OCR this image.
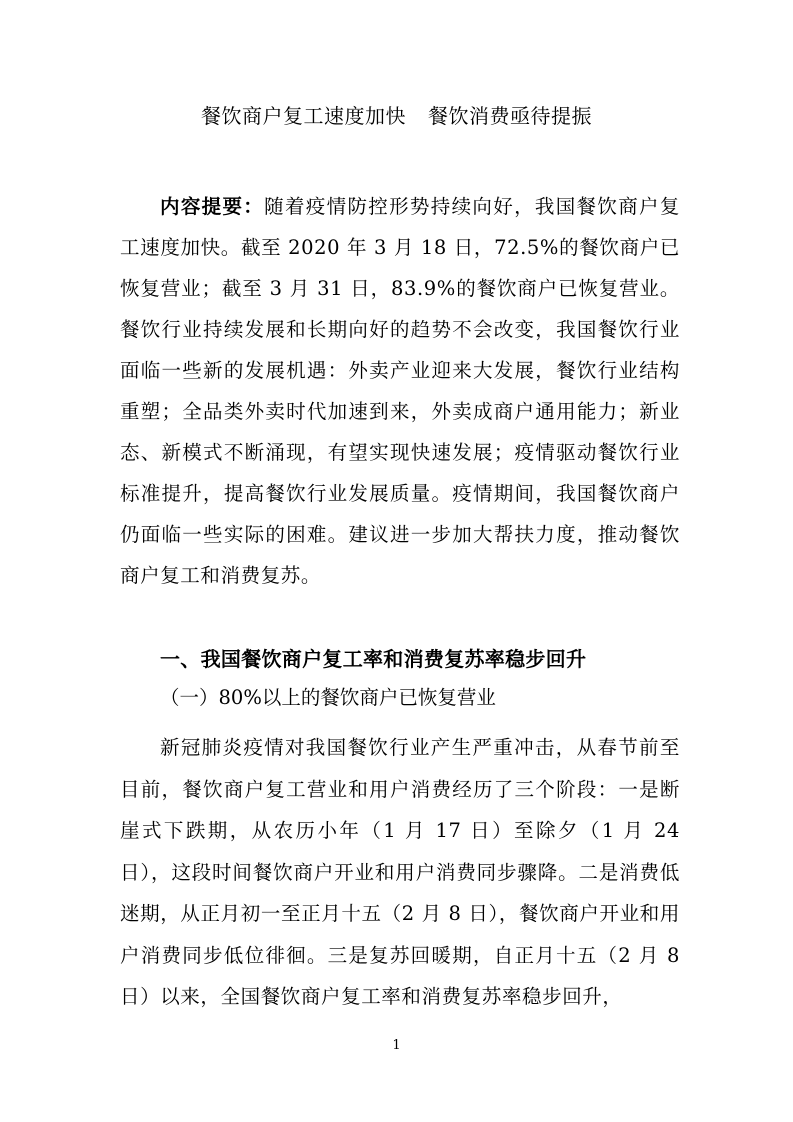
餐饮商户复工速度加快 餐饮消费亟待提振

内容提要：随着疫情防控形势持续向好，我国餐饮商户复工速度加快。截至 2020 年 3 月 18 日，72.5%的餐饮商户已恢复营业；截至 3 月 31 日，83.9%的餐饮商户已恢复营业。餐饮行业持续发展和长期向好的趋势不会改变，我国餐饮行业面临一些新的发展机遇：外卖产业迎来大发展，餐饮行业结构重塑；全品类外卖时代加速到来，外卖成商户通用能力；新业态、新模式不断涌现，有望实现快速发展；疫情驱动餐饮行业标准提升，提高餐饮行业发展质量。疫情期间，我国餐饮商户仍面临一些实际的困难。建议进一步加大帮扶力度，推动餐饮商户复工和消费复苏。

一、我国餐饮商户复工率和消费复苏率稳步回升
（一）80%以上的餐饮商户已恢复营业

新冠肺炎疫情对我国餐饮行业产生严重冲击，从春节前至目前，餐饮商户复工营业和用户消费经历了三个阶段：一是断崖式下跌期，从农历小年（1 月 17 日）至除夕（1 月 24 日），这段时间餐饮商户开业和用户消费同步骤降。二是消费低迷期，从正月初一至正月十五（2 月 8 日），餐饮商户开业和用户消费同步低位徘徊。三是复苏回暖期，自正月十五（2 月 8 日）以来，全国餐饮商户复工率和消费复苏率稳步回升，

1
